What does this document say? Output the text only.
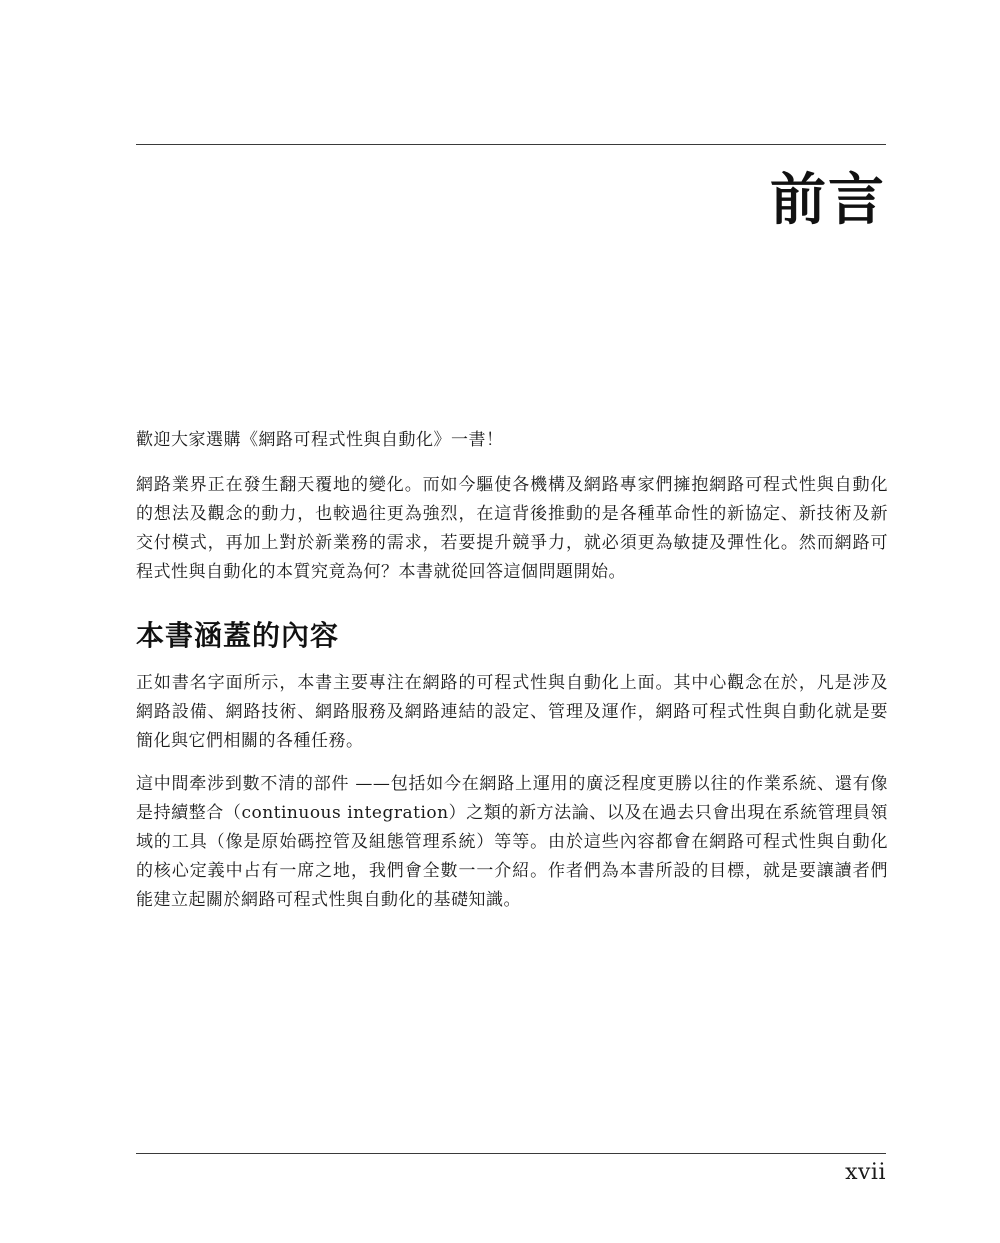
前言

歡迎大家選購《網路可程式性與自動化》一書！

網路業界正在發生翻天覆地的變化。而如今驅使各機構及網路專家們擁抱網路可程式性與自動化的想法及觀念的動力，也較過往更為強烈，在這背後推動的是各種革命性的新協定、新技術及新交付模式，再加上對於新業務的需求，若要提升競爭力，就必須更為敏捷及彈性化。然而網路可程式性與自動化的本質究竟為何？本書就從回答這個問題開始。

本書涵蓋的內容

正如書名字面所示，本書主要專注在網路的可程式性與自動化上面。其中心觀念在於，凡是涉及網路設備、網路技術、網路服務及網路連結的設定、管理及運作，網路可程式性與自動化就是要簡化與它們相關的各種任務。

這中間牽涉到數不清的部件 ——包括如今在網路上運用的廣泛程度更勝以往的作業系統、還有像是持續整合（continuous integration）之類的新方法論、以及在過去只會出現在系統管理員領域的工具（像是原始碼控管及組態管理系統）等等。由於這些內容都會在網路可程式性與自動化的核心定義中占有一席之地，我們會全數一一介紹。作者們為本書所設的目標，就是要讓讀者們能建立起關於網路可程式性與自動化的基礎知識。

xvii
